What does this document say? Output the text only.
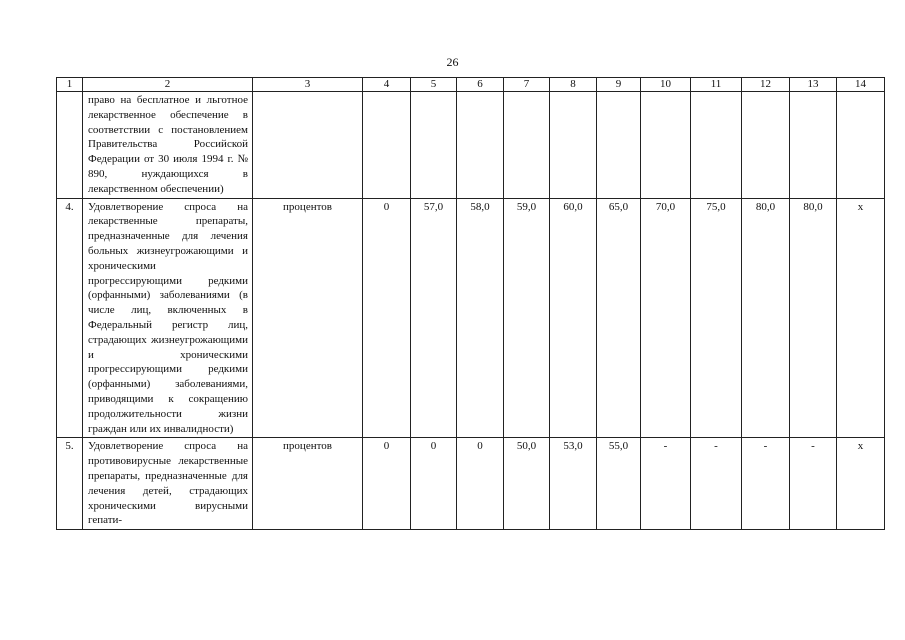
26
1	2	3	4	5	6	7	8	9	10	11	12	13	14
	право на бесплатное и льготное лекарственное обеспечение в соответствии с постановлением Правительства Российской Федерации от 30 июля 1994 г. № 890, нуждающихся в лекарственном обеспечении)												
4.	Удовлетворение спроса на лекарственные препараты, предназначенные для лечения больных жизнеугрожающими и хроническими прогрессирующими редкими (орфанными) заболеваниями (в числе лиц, включенных в Федеральный регистр лиц, страдающих жизнеугрожающими и хроническими прогрессирующими редкими (орфанными) заболеваниями, приводящими к сокращению продолжительности жизни граждан или их инвалидности)	процентов	0	57,0	58,0	59,0	60,0	65,0	70,0	75,0	80,0	80,0	х
5.	Удовлетворение спроса на противовирусные лекарственные препараты, предназначенные для лечения детей, страдающих хроническими вирусными гепати-	процентов	0	0	0	50,0	53,0	55,0	-	-	-	-	х
